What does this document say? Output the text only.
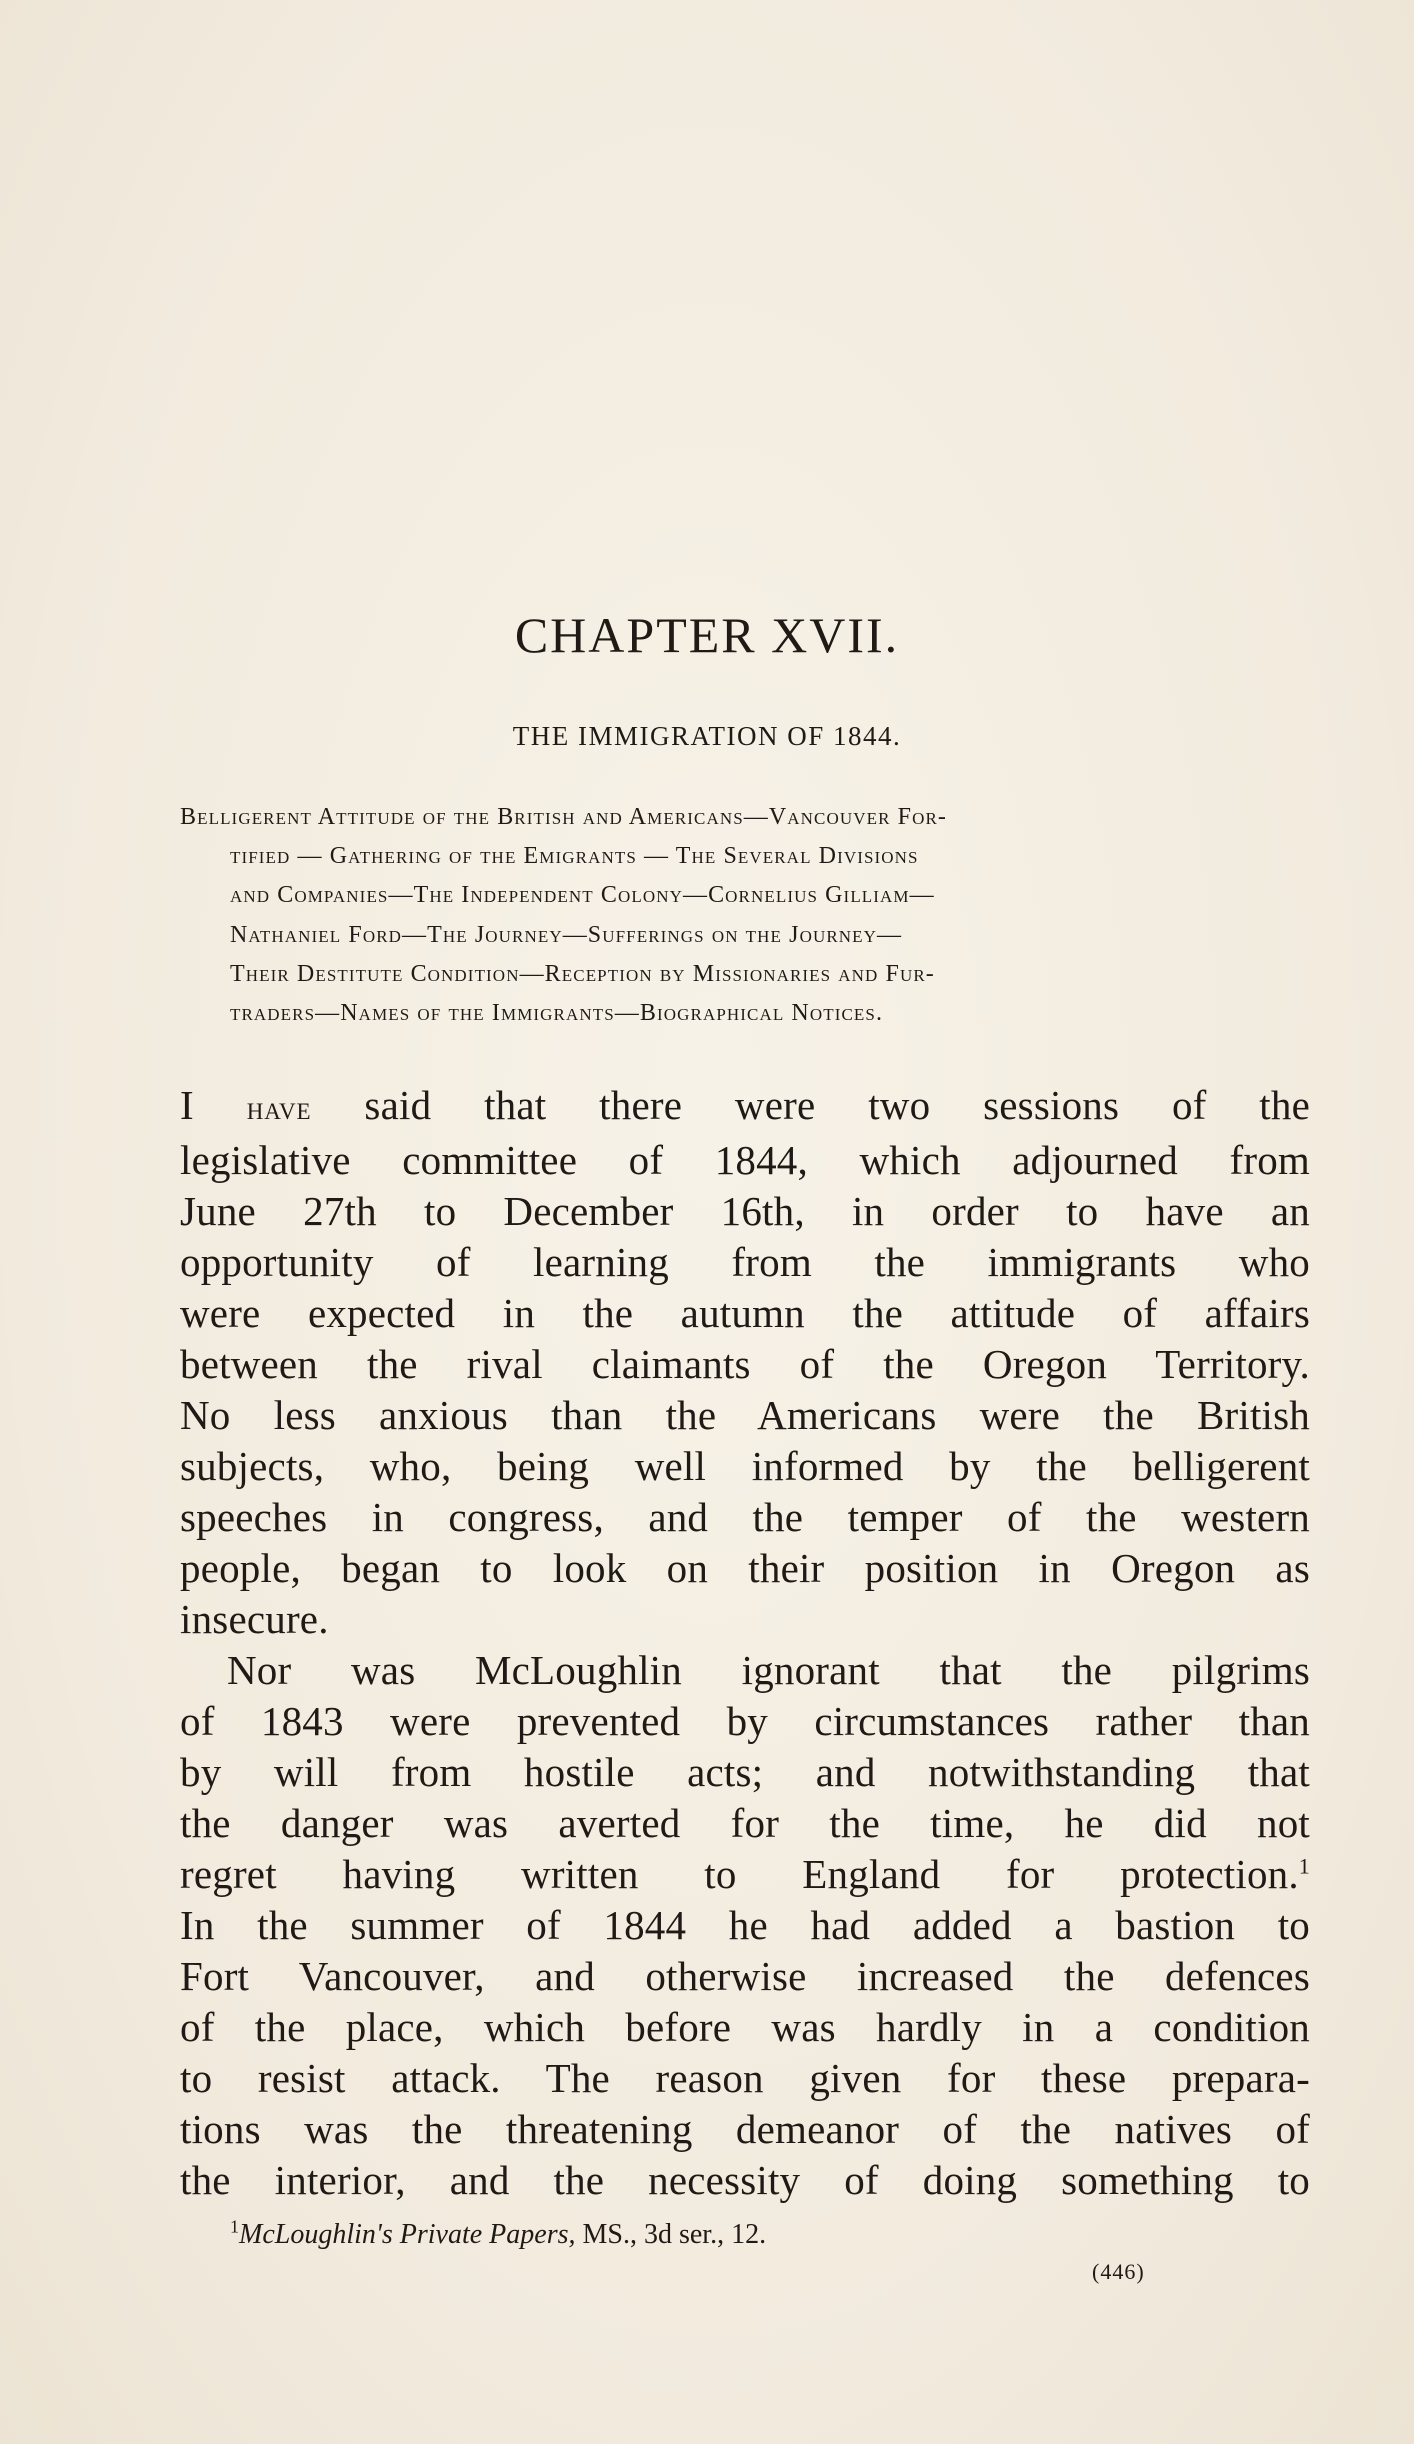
CHAPTER XVII.
THE IMMIGRATION OF 1844.
Belligerent Attitude of the British and Americans—Vancouver For-
tified — Gathering of the Emigrants — The Several Divisions
and Companies—The Independent Colony—Cornelius Gilliam—
Nathaniel Ford—The Journey—Sufferings on the Journey—
Their Destitute Condition—Reception by Missionaries and Fur-
traders—Names of the Immigrants—Biographical Notices.
I have said that there were two sessions of the
legislative committee of 1844, which adjourned from
June 27th to December 16th, in order to have an
opportunity of learning from the immigrants who
were expected in the autumn the attitude of affairs
between the rival claimants of the Oregon Territory.
No less anxious than the Americans were the British
subjects, who, being well informed by the belligerent
speeches in congress, and the temper of the western
people, began to look on their position in Oregon as
insecure.
Nor was McLoughlin ignorant that the pilgrims
of 1843 were prevented by circumstances rather than
by will from hostile acts; and notwithstanding that
the danger was averted for the time, he did not
regret having written to England for protection.$^1$
In the summer of 1844 he had added a bastion to
Fort Vancouver, and otherwise increased the defences
of the place, which before was hardly in a condition
to resist attack. The reason given for these prepara-
tions was the threatening demeanor of the natives of
the interior, and the necessity of doing something to
$^1$McLoughlin's Private Papers, MS., 3d ser., 12.
(446)
